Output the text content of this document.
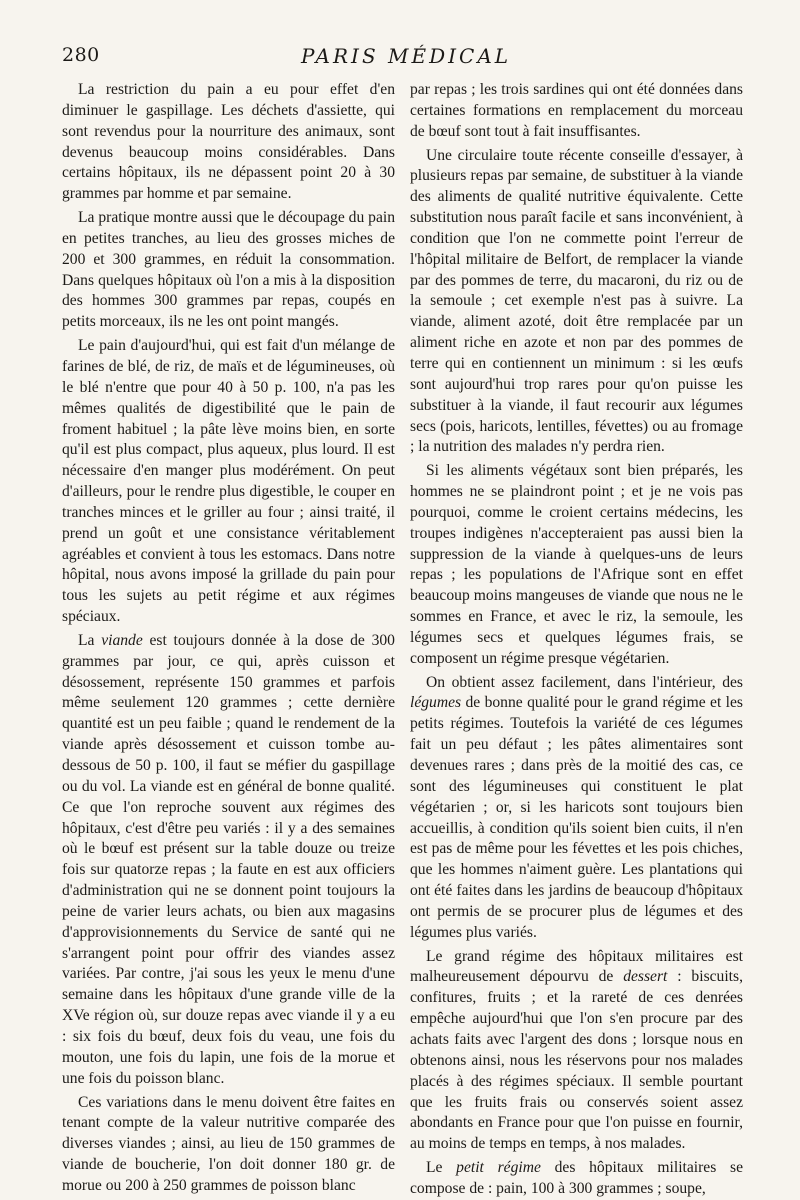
280	PARIS MÉDICAL

La restriction du pain a eu pour effet d'en diminuer le gaspillage. Les déchets d'assiette, qui sont revendus pour la nourriture des animaux, sont devenus beaucoup moins considérables. Dans certains hôpitaux, ils ne dépassent point 20 à 30 grammes par homme et par semaine.

La pratique montre aussi que le découpage du pain en petites tranches, au lieu des grosses miches de 200 et 300 grammes, en réduit la consommation. Dans quelques hôpitaux où l'on a mis à la disposition des hommes 300 grammes par repas, coupés en petits morceaux, ils ne les ont point mangés.

Le pain d'aujourd'hui, qui est fait d'un mélange de farines de blé, de riz, de maïs et de légumineuses, où le blé n'entre que pour 40 à 50 p. 100, n'a pas les mêmes qualités de digestibilité que le pain de froment habituel ; la pâte lève moins bien, en sorte qu'il est plus compact, plus aqueux, plus lourd. Il est nécessaire d'en manger plus modérément. On peut d'ailleurs, pour le rendre plus digestible, le couper en tranches minces et le griller au four ; ainsi traité, il prend un goût et une consistance véritablement agréables et convient à tous les estomacs. Dans notre hôpital, nous avons imposé la grillade du pain pour tous les sujets au petit régime et aux régimes spéciaux.

La viande est toujours donnée à la dose de 300 grammes par jour, ce qui, après cuisson et désossement, représente 150 grammes et parfois même seulement 120 grammes ; cette dernière quantité est un peu faible ; quand le rendement de la viande après désossement et cuisson tombe au-dessous de 50 p. 100, il faut se méfier du gaspillage ou du vol. La viande est en général de bonne qualité. Ce que l'on reproche souvent aux régimes des hôpitaux, c'est d'être peu variés : il y a des semaines où le bœuf est présent sur la table douze ou treize fois sur quatorze repas ; la faute en est aux officiers d'administration qui ne se donnent point toujours la peine de varier leurs achats, ou bien aux magasins d'approvisionnements du Service de santé qui ne s'arrangent point pour offrir des viandes assez variées. Par contre, j'ai sous les yeux le menu d'une semaine dans les hôpitaux d'une grande ville de la XVe région où, sur douze repas avec viande il y a eu : six fois du bœuf, deux fois du veau, une fois du mouton, une fois du lapin, une fois de la morue et une fois du poisson blanc.

Ces variations dans le menu doivent être faites en tenant compte de la valeur nutritive comparée des diverses viandes ; ainsi, au lieu de 150 grammes de viande de boucherie, l'on doit donner 180 gr. de morue ou 200 à 250 grammes de poisson blanc

par repas ; les trois sardines qui ont été données dans certaines formations en remplacement du morceau de bœuf sont tout à fait insuffisantes.

Une circulaire toute récente conseille d'essayer, à plusieurs repas par semaine, de substituer à la viande des aliments de qualité nutritive équivalente. Cette substitution nous paraît facile et sans inconvénient, à condition que l'on ne commette point l'erreur de l'hôpital militaire de Belfort, de remplacer la viande par des pommes de terre, du macaroni, du riz ou de la semoule ; cet exemple n'est pas à suivre. La viande, aliment azoté, doit être remplacée par un aliment riche en azote et non par des pommes de terre qui en contiennent un minimum : si les œufs sont aujourd'hui trop rares pour qu'on puisse les substituer à la viande, il faut recourir aux légumes secs (pois, haricots, lentilles, févettes) ou au fromage ; la nutrition des malades n'y perdra rien.

Si les aliments végétaux sont bien préparés, les hommes ne se plaindront point ; et je ne vois pas pourquoi, comme le croient certains médecins, les troupes indigènes n'accepteraient pas aussi bien la suppression de la viande à quelques-uns de leurs repas ; les populations de l'Afrique sont en effet beaucoup moins mangeuses de viande que nous ne le sommes en France, et avec le riz, la semoule, les légumes secs et quelques légumes frais, se composent un régime presque végétarien.

On obtient assez facilement, dans l'intérieur, des légumes de bonne qualité pour le grand régime et les petits régimes. Toutefois la variété de ces légumes fait un peu défaut ; les pâtes alimentaires sont devenues rares ; dans près de la moitié des cas, ce sont des légumineuses qui constituent le plat végétarien ; or, si les haricots sont toujours bien accueillis, à condition qu'ils soient bien cuits, il n'en est pas de même pour les févettes et les pois chiches, que les hommes n'aiment guère. Les plantations qui ont été faites dans les jardins de beaucoup d'hôpitaux ont permis de se procurer plus de légumes et des légumes plus variés.

Le grand régime des hôpitaux militaires est malheureusement dépourvu de dessert : biscuits, confitures, fruits ; et la rareté de ces denrées empêche aujourd'hui que l'on s'en procure par des achats faits avec l'argent des dons ; lorsque nous en obtenons ainsi, nous les réservons pour nos malades placés à des régimes spéciaux. Il semble pourtant que les fruits frais ou conservés soient assez abondants en France pour que l'on puisse en fournir, au moins de temps en temps, à nos malades.

Le petit régime des hôpitaux militaires se compose de : pain, 100 à 300 grammes ; soupe,
